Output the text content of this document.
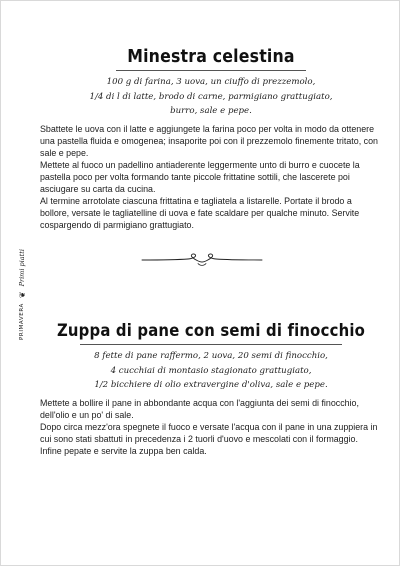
PRIMAVERA
❦
Primi piatti
Minestra celestina
100 g di farina, 3 uova, un ciuffo di prezzemolo,
1/4 di l di latte, brodo di carne, parmigiano grattugiato,
burro, sale e pepe.

Sbattete le uova con il latte e aggiungete la farina poco per volta in modo da ottenere una pastella fluida e omogenea; insaporite poi con il prezzemolo finemente tritato, con sale e pepe.

Mettete al fuoco un padellino antiaderente leggermente unto di burro e cuocete la pastella poco per volta formando tante piccole frittatine sottili, che lascerete poi asciugare su carta da cucina.

Al termine arrotolate ciascuna frittatina e tagliatela a listarelle. Portate il brodo a bollore, versate le tagliatelline di uova e fate scaldare per qualche minuto. Servite cospargendo di parmigiano grattugiato.

Zuppa di pane con semi di finocchio
8 fette di pane raffermo, 2 uova, 20 semi di finocchio,
4 cucchiai di montasio stagionato grattugiato,
1/2 bicchiere di olio extravergine d'oliva, sale e pepe.

Mettete a bollire il pane in abbondante acqua con l'aggiunta dei semi di finocchio, dell'olio e un po' di sale.

Dopo circa mezz'ora spegnete il fuoco e versate l'acqua con il pane in una zuppiera in cui sono stati sbattuti in precedenza i 2 tuorli d'uovo e mescolati con il formaggio.

Infine pepate e servite la zuppa ben calda.
